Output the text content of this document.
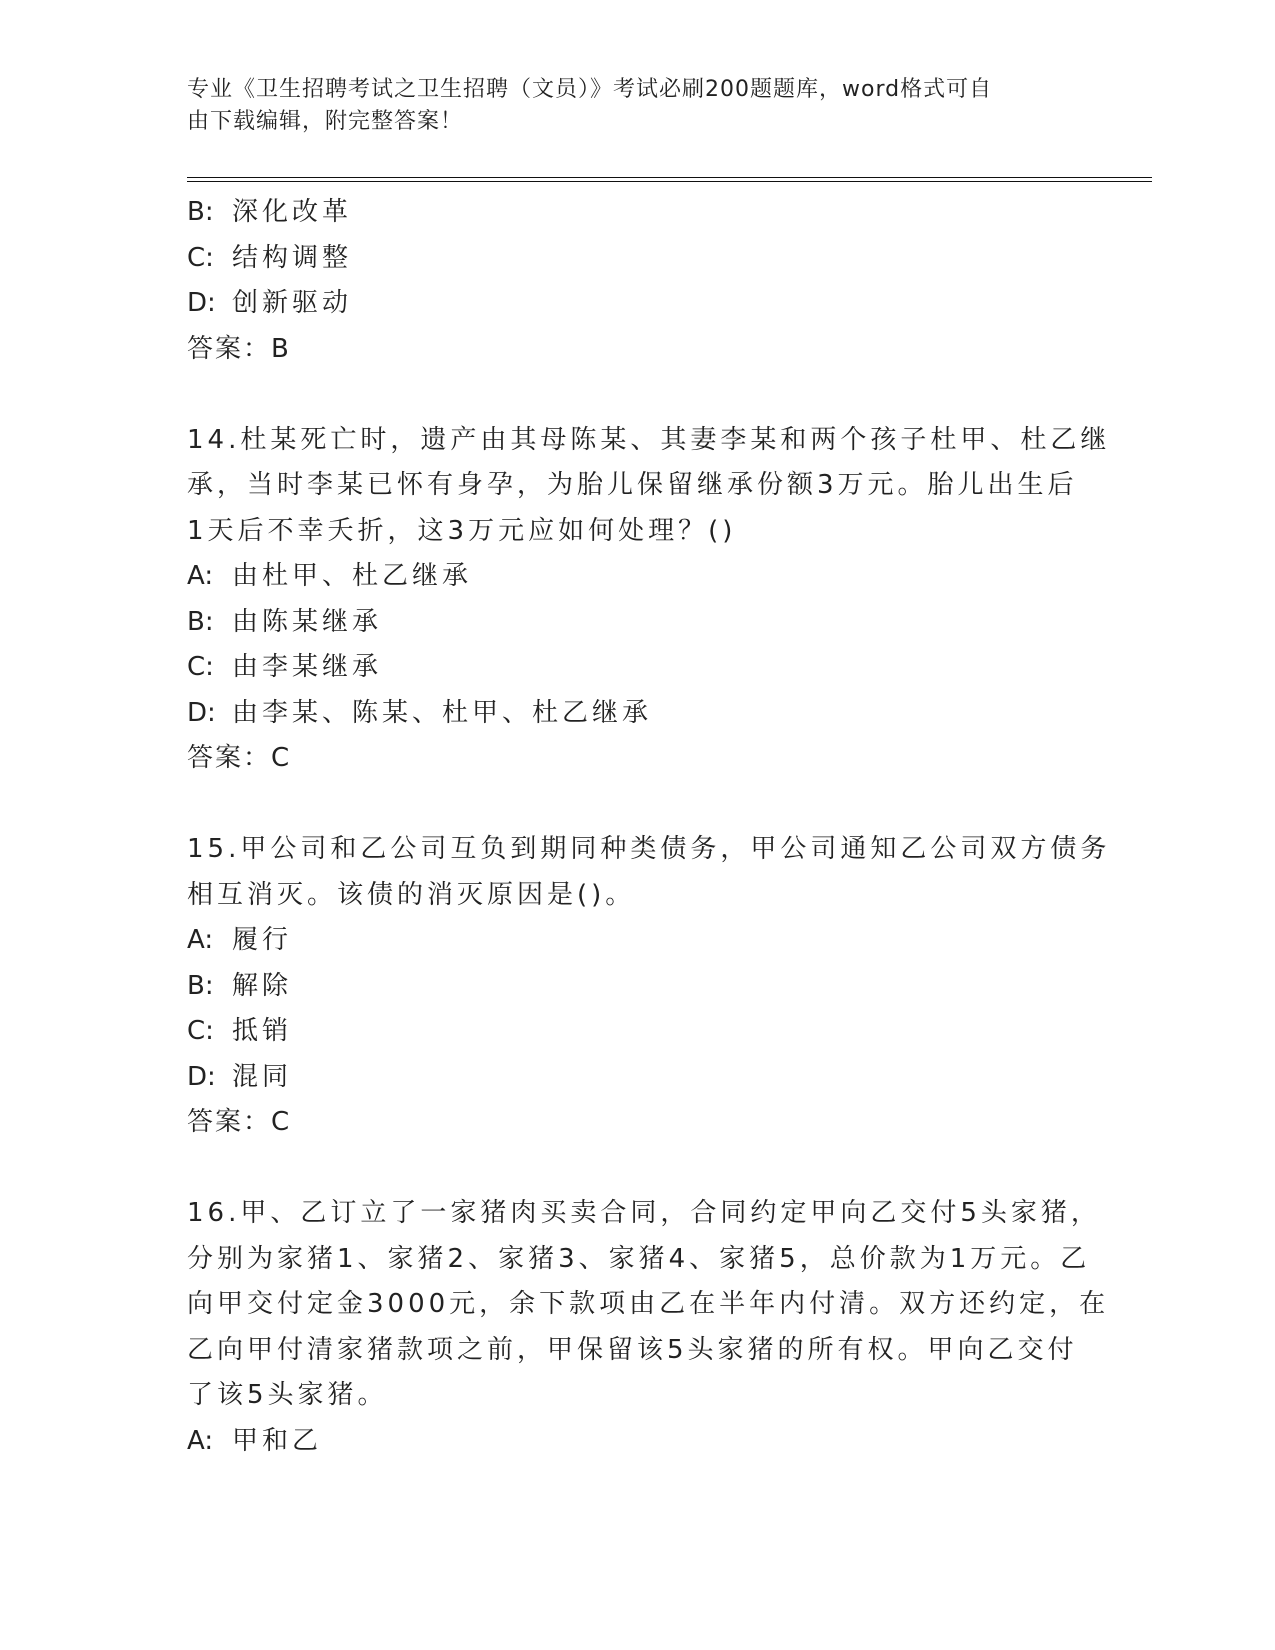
专业《卫生招聘考试之卫生招聘（文员）》考试必刷200题题库，word格式可自
由下载编辑，附完整答案！
B: 深化改革
C: 结构调整
D: 创新驱动
答案：B
14.杜某死亡时，遗产由其母陈某、其妻李某和两个孩子杜甲、杜乙继
承，当时李某已怀有身孕，为胎儿保留继承份额3万元。胎儿出生后
1天后不幸夭折，这3万元应如何处理？()
A: 由杜甲、杜乙继承
B: 由陈某继承
C: 由李某继承
D: 由李某、陈某、杜甲、杜乙继承
答案：C
15.甲公司和乙公司互负到期同种类债务，甲公司通知乙公司双方债务
相互消灭。该债的消灭原因是()。
A: 履行
B: 解除
C: 抵销
D: 混同
答案：C
16.甲、乙订立了一家猪肉买卖合同，合同约定甲向乙交付5头家猪，
分别为家猪1、家猪2、家猪3、家猪4、家猪5，总价款为1万元。乙
向甲交付定金3000元，余下款项由乙在半年内付清。双方还约定，在
乙向甲付清家猪款项之前，甲保留该5头家猪的所有权。甲向乙交付
了该5头家猪。
A: 甲和乙
